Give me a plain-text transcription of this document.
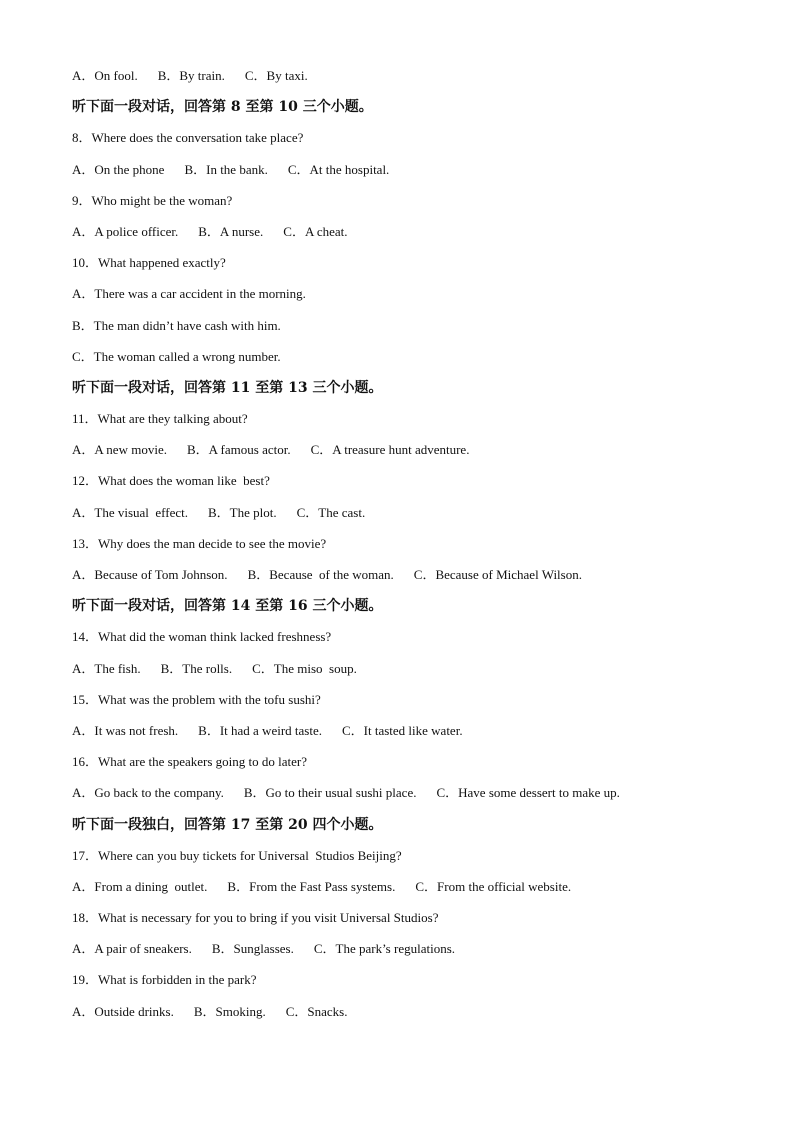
A．On fool. B．By train. C．By taxi.
听下面一段对话，回答第 8 至第 10 三个小题。
8．Where does the conversation take place?
A．On the phone B．In the bank. C．At the hospital.
9．Who might be the woman?
A．A police officer. B．A nurse. C．A cheat.
10．What happened exactly?
A．There was a car accident in the morning.
B．The man didn’t have cash with him.
C．The woman called a wrong number.
听下面一段对话，回答第 11 至第 13 三个小题。
11．What are they talking about?
A．A new movie. B．A famous actor. C．A treasure hunt adventure.
12．What does the woman like  best?
A．The visual  effect. B．The plot. C．The cast.
13．Why does the man decide to see the movie?
A．Because of Tom Johnson. B．Because  of the woman. C．Because of Michael Wilson.
听下面一段对话，回答第 14 至第 16 三个小题。
14．What did the woman think lacked freshness?
A．The fish. B．The rolls. C．The miso  soup.
15．What was the problem with the tofu sushi?
A．It was not fresh. B．It had a weird taste. C．It tasted like water.
16．What are the speakers going to do later?
A．Go back to the company. B．Go to their usual sushi place. C．Have some dessert to make up.
听下面一段独白，回答第 17 至第 20 四个小题。
17．Where can you buy tickets for Universal  Studios Beijing?
A．From a dining  outlet. B．From the Fast Pass systems. C．From the official website.
18．What is necessary for you to bring if you visit Universal Studios?
A．A pair of sneakers. B．Sunglasses. C．The park’s regulations.
19．What is forbidden in the park?
A．Outside drinks. B．Smoking. C．Snacks.
